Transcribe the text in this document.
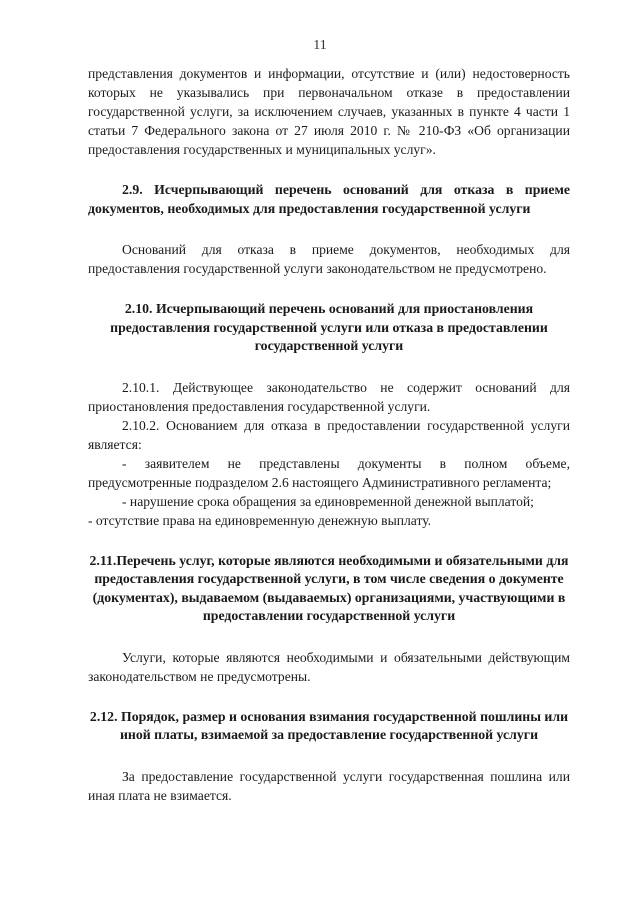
11

представления документов и информации, отсутствие и (или) недостоверность которых не указывались при первоначальном отказе в предоставлении государственной услуги, за исключением случаев, указанных в пункте 4 части 1 статьи 7 Федерального закона от 27 июля 2010 г. № 210-ФЗ «Об организации предоставления государственных и муниципальных услуг».

2.9. Исчерпывающий перечень оснований для отказа в приеме документов, необходимых для предоставления государственной услуги

Оснований для отказа в приеме документов, необходимых для предоставления государственной услуги законодательством не предусмотрено.

2.10. Исчерпывающий перечень оснований для приостановления предоставления государственной услуги или отказа в предоставлении государственной услуги

2.10.1. Действующее законодательство не содержит оснований для приостановления предоставления государственной услуги.

2.10.2. Основанием для отказа в предоставлении государственной услуги является:

- заявителем не представлены документы в полном объеме, предусмотренные подразделом 2.6 настоящего Административного регламента;

- нарушение срока обращения за единовременной денежной выплатой;

- отсутствие права на единовременную денежную выплату.

2.11.Перечень услуг, которые являются необходимыми и обязательными для предоставления государственной услуги, в том числе сведения о документе (документах), выдаваемом (выдаваемых) организациями, участвующими в предоставлении государственной услуги

Услуги, которые являются необходимыми и обязательными действующим законодательством не предусмотрены.

2.12. Порядок, размер и основания взимания государственной пошлины или иной платы, взимаемой за предоставление государственной услуги

За предоставление государственной услуги государственная пошлина или иная плата не взимается.
